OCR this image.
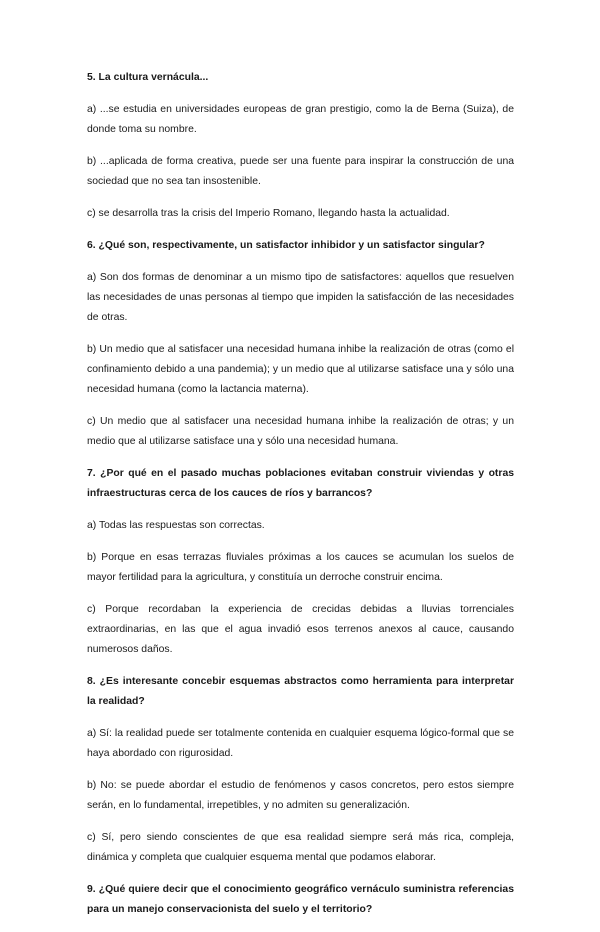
5. La cultura vernácula...
a) ...se estudia en universidades europeas de gran prestigio, como la de Berna (Suiza), de donde toma su nombre.
b) ...aplicada de forma creativa, puede ser una fuente para inspirar la construcción de una sociedad que no sea tan insostenible.
c) se desarrolla tras la crisis del Imperio Romano, llegando hasta la actualidad.
6. ¿Qué son, respectivamente, un satisfactor inhibidor y un satisfactor singular?
a) Son dos formas de denominar a un mismo tipo de satisfactores: aquellos que resuelven las necesidades de unas personas al tiempo que impiden la satisfacción de las necesidades de otras.
b) Un medio que al satisfacer una necesidad humana inhibe la realización de otras (como el confinamiento debido a una pandemia); y un medio que al utilizarse satisface una y sólo una necesidad humana (como la lactancia materna).
c) Un medio que al satisfacer una necesidad humana inhibe la realización de otras; y un medio que al utilizarse satisface una y sólo una necesidad humana.
7. ¿Por qué en el pasado muchas poblaciones evitaban construir viviendas y otras infraestructuras cerca de los cauces de ríos y barrancos?
a) Todas las respuestas son correctas.
b) Porque en esas terrazas fluviales próximas a los cauces se acumulan los suelos de mayor fertilidad para la agricultura, y constituía un derroche construir encima.
c) Porque recordaban la experiencia de crecidas debidas a lluvias torrenciales extraordinarias, en las que el agua invadió esos terrenos anexos al cauce, causando numerosos daños.
8. ¿Es interesante concebir esquemas abstractos como herramienta para interpretar la realidad?
a) Sí: la realidad puede ser totalmente contenida en cualquier esquema lógico-formal que se haya abordado con rigurosidad.
b) No: se puede abordar el estudio de fenómenos y casos concretos, pero estos siempre serán, en lo fundamental, irrepetibles, y no admiten su generalización.
c) Sí, pero siendo conscientes de que esa realidad siempre será más rica, compleja, dinámica y completa que cualquier esquema mental que podamos elaborar.
9. ¿Qué quiere decir que el conocimiento geográfico vernáculo suministra referencias para un manejo conservacionista del suelo y el territorio?
